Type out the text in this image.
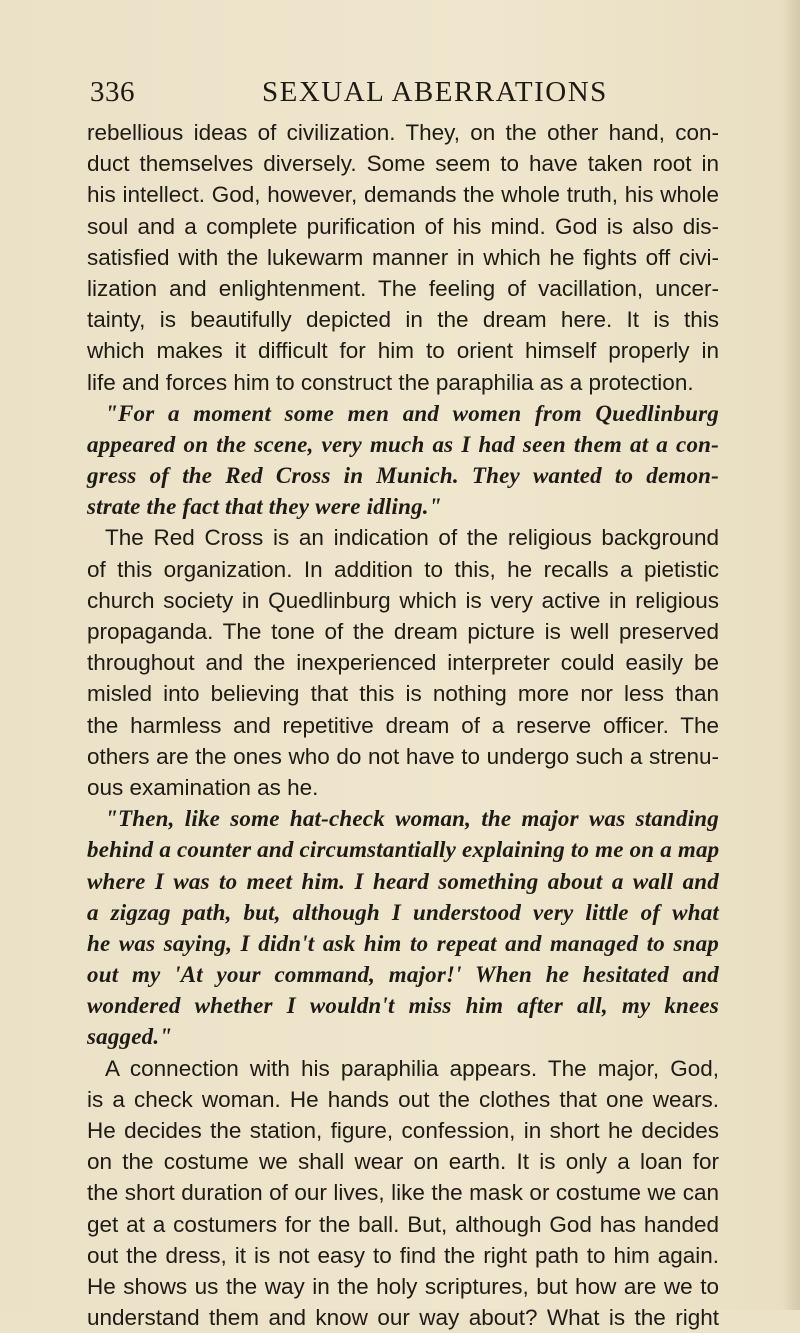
336	SEXUAL ABERRATIONS
rebellious ideas of civilization. They, on the other hand, con-
duct themselves diversely. Some seem to have taken root in
his intellect. God, however, demands the whole truth, his whole
soul and a complete purification of his mind. God is also dis-
satisfied with the lukewarm manner in which he fights off civi-
lization and enlightenment. The feeling of vacillation, uncer-
tainty, is beautifully depicted in the dream here. It is this
which makes it difficult for him to orient himself properly in
life and forces him to construct the paraphilia as a protection.
"For a moment some men and women from Quedlinburg
appeared on the scene, very much as I had seen them at a con-
gress of the Red Cross in Munich. They wanted to demon-
strate the fact that they were idling."
The Red Cross is an indication of the religious background
of this organization. In addition to this, he recalls a pietistic
church society in Quedlinburg which is very active in religious
propaganda. The tone of the dream picture is well preserved
throughout and the inexperienced interpreter could easily be
misled into believing that this is nothing more nor less than
the harmless and repetitive dream of a reserve officer. The
others are the ones who do not have to undergo such a strenu-
ous examination as he.
"Then, like some hat-check woman, the major was standing
behind a counter and circumstantially explaining to me on a map
where I was to meet him. I heard something about a wall and
a zigzag path, but, although I understood very little of what
he was saying, I didn't ask him to repeat and managed to snap
out my 'At your command, major!' When he hesitated and
wondered whether I wouldn't miss him after all, my knees
sagged."
A connection with his paraphilia appears. The major, God,
is a check woman. He hands out the clothes that one wears.
He decides the station, figure, confession, in short he decides
on the costume we shall wear on earth. It is only a loan for
the short duration of our lives, like the mask or costume we can
get at a costumers for the ball. But, although God has handed
out the dress, it is not easy to find the right path to him again.
He shows us the way in the holy scriptures, but how are we to
understand them and know our way about? What is the right
